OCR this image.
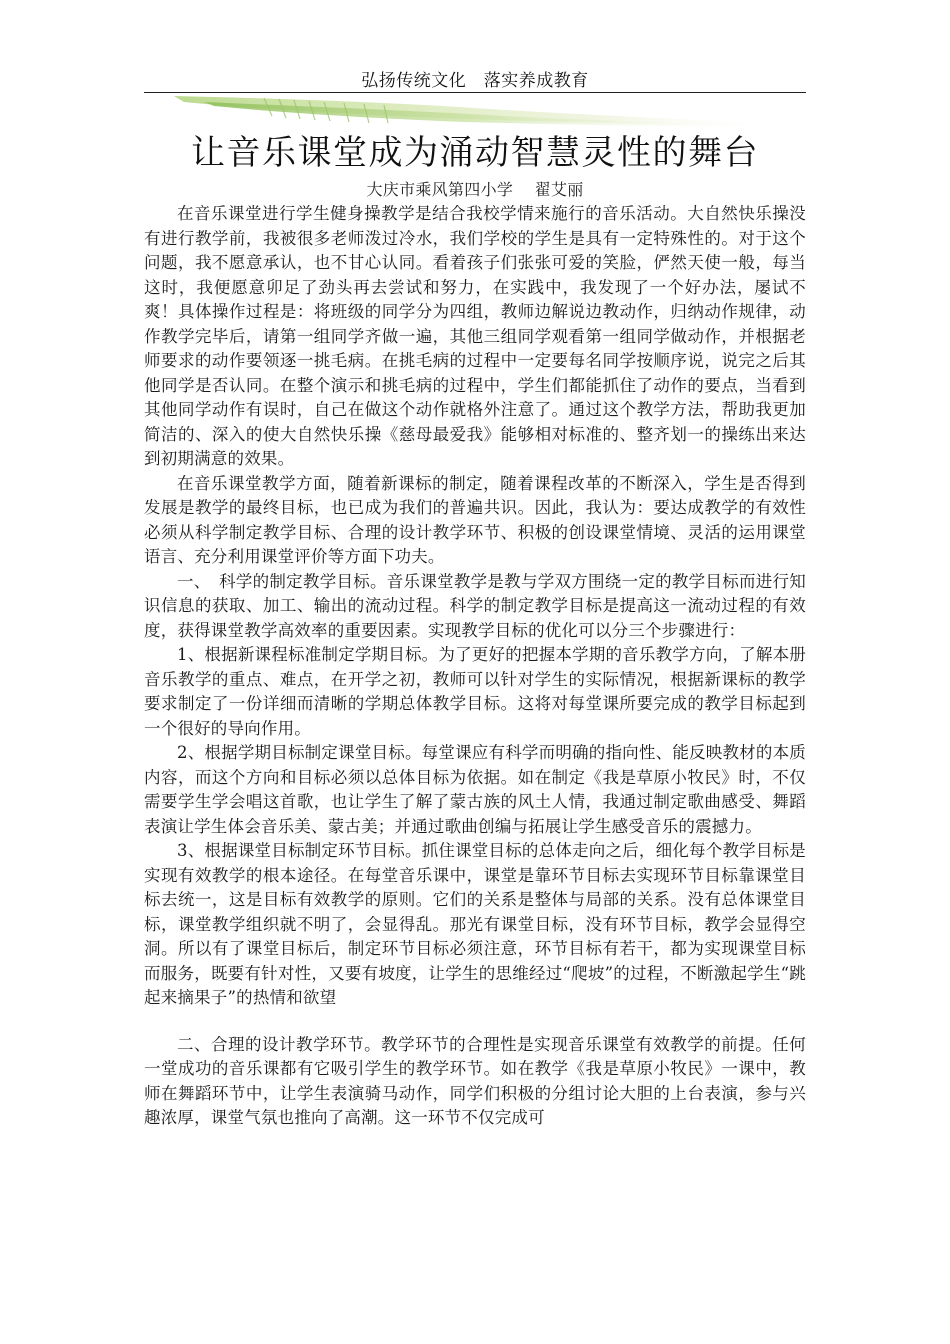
弘扬传统文化　落实养成教育
让音乐课堂成为涌动智慧灵性的舞台
大庆市乘风第四小学 翟艾丽

在音乐课堂进行学生健身操教学是结合我校学情来施行的音乐活动。大自然快乐操没有进行教学前，我被很多老师泼过冷水，我们学校的学生是具有一定特殊性的。对于这个问题，我不愿意承认，也不甘心认同。看着孩子们张张可爱的笑脸，俨然天使一般，每当这时，我便愿意卯足了劲头再去尝试和努力，在实践中，我发现了一个好办法，屡试不爽！具体操作过程是：将班级的同学分为四组，教师边解说边教动作，归纳动作规律，动作教学完毕后，请第一组同学齐做一遍，其他三组同学观看第一组同学做动作，并根据老师要求的动作要领逐一挑毛病。在挑毛病的过程中一定要每名同学按顺序说，说完之后其他同学是否认同。在整个演示和挑毛病的过程中，学生们都能抓住了动作的要点，当看到其他同学动作有误时，自己在做这个动作就格外注意了。通过这个教学方法，帮助我更加简洁的、深入的使大自然快乐操《慈母最爱我》能够相对标准的、整齐划一的操练出来达到初期满意的效果。

在音乐课堂教学方面，随着新课标的制定，随着课程改革的不断深入，学生是否得到发展是教学的最终目标，也已成为我们的普遍共识。因此，我认为：要达成教学的有效性必须从科学制定教学目标、合理的设计教学环节、积极的创设课堂情境、灵活的运用课堂语言、充分利用课堂评价等方面下功夫。

一、　科学的制定教学目标。音乐课堂教学是教与学双方围绕一定的教学目标而进行知识信息的获取、加工、输出的流动过程。科学的制定教学目标是提高这一流动过程的有效度，获得课堂教学高效率的重要因素。实现教学目标的优化可以分三个步骤进行：

1、根据新课程标准制定学期目标。为了更好的把握本学期的音乐教学方向，了解本册音乐教学的重点、难点，在开学之初，教师可以针对学生的实际情况，根据新课标的教学要求制定了一份详细而清晰的学期总体教学目标。这将对每堂课所要完成的教学目标起到一个很好的导向作用。

2、根据学期目标制定课堂目标。每堂课应有科学而明确的指向性、能反映教材的本质内容，而这个方向和目标必须以总体目标为依据。如在制定《我是草原小牧民》时，不仅需要学生学会唱这首歌，也让学生了解了蒙古族的风土人情，我通过制定歌曲感受、舞蹈表演让学生体会音乐美、蒙古美；并通过歌曲创编与拓展让学生感受音乐的震撼力。

3、根据课堂目标制定环节目标。抓住课堂目标的总体走向之后，细化每个教学目标是实现有效教学的根本途径。在每堂音乐课中，课堂是靠环节目标去实现环节目标靠课堂目标去统一，这是目标有效教学的原则。它们的关系是整体与局部的关系。没有总体课堂目标，课堂教学组织就不明了，会显得乱。那光有课堂目标，没有环节目标，教学会显得空洞。所以有了课堂目标后，制定环节目标必须注意，环节目标有若干，都为实现课堂目标而服务，既要有针对性，又要有坡度，让学生的思维经过“爬坡”的过程，不断激起学生“跳起来摘果子”的热情和欲望

二、合理的设计教学环节。教学环节的合理性是实现音乐课堂有效教学的前提。任何一堂成功的音乐课都有它吸引学生的教学环节。如在教学《我是草原小牧民》一课中，教师在舞蹈环节中，让学生表演骑马动作，同学们积极的分组讨论大胆的上台表演，参与兴趣浓厚，课堂气氛也推向了高潮。这一环节不仅完成可
